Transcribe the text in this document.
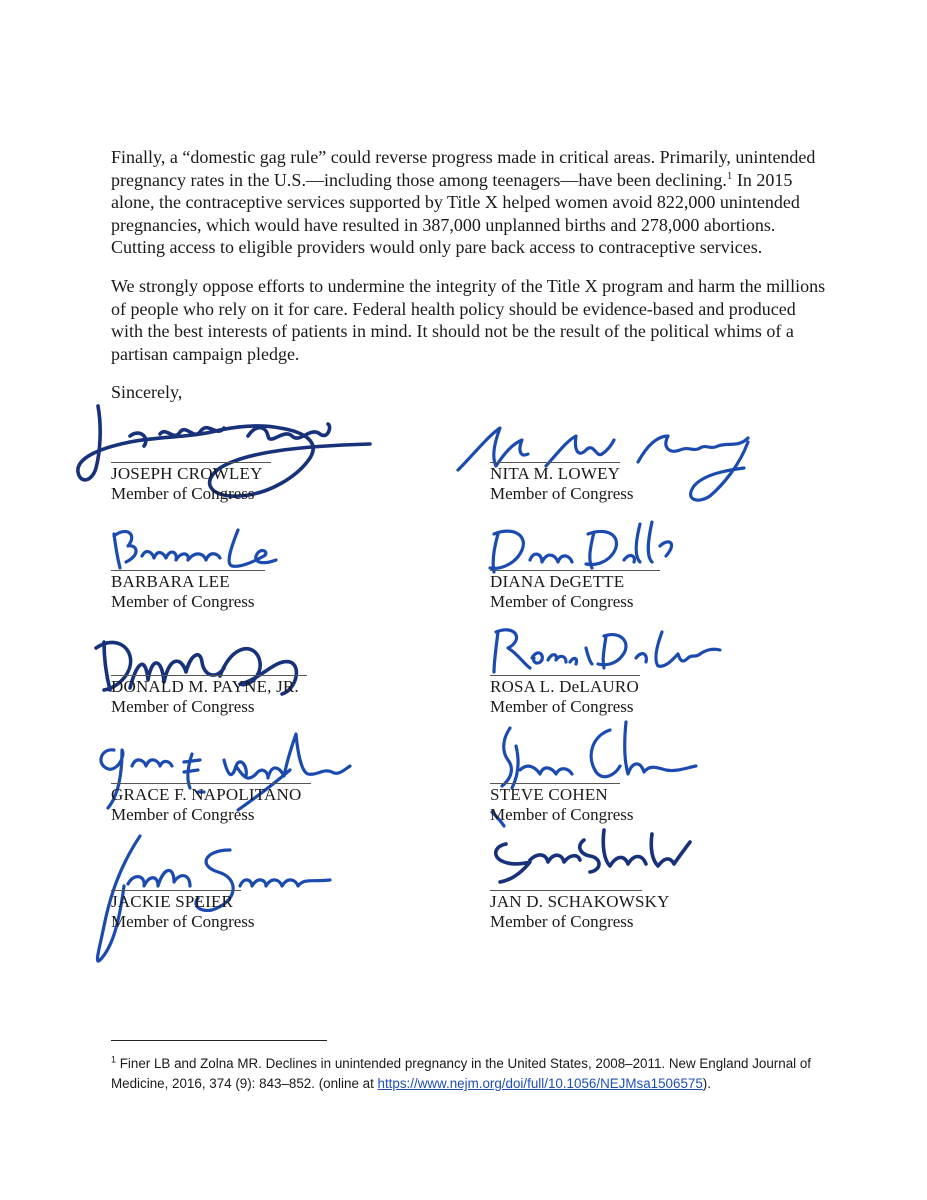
Finally, a “domestic gag rule” could reverse progress made in critical areas. Primarily, unintended pregnancy rates in the U.S.—including those among teenagers—have been declining.$^1$ In 2015 alone, the contraceptive services supported by Title X helped women avoid 822,000 unintended pregnancies, which would have resulted in 387,000 unplanned births and 278,000 abortions. Cutting access to eligible providers would only pare back access to contraceptive services.

We strongly oppose efforts to undermine the integrity of the Title X program and harm the millions of people who rely on it for care. Federal health policy should be evidence-based and produced with the best interests of patients in mind. It should not be the result of the political whims of a partisan campaign pledge.

Sincerely,

JOSEPH CROWLEY
Member of Congress
BARBARA LEE
Member of Congress
DONALD M. PAYNE, JR.
Member of Congress
GRACE F. NAPOLITANO
Member of Congress
JACKIE SPEIER
Member of Congress
NITA M. LOWEY
Member of Congress
DIANA DeGETTE
Member of Congress
ROSA L. DeLAURO
Member of Congress
STEVE COHEN
Member of Congress
JAN D. SCHAKOWSKY
Member of Congress

$^1$ Finer LB and Zolna MR. Declines in unintended pregnancy in the United States, 2008–2011. New England Journal of Medicine, 2016, 374 (9): 843–852. (online at https://www.nejm.org/doi/full/10.1056/NEJMsa1506575).
